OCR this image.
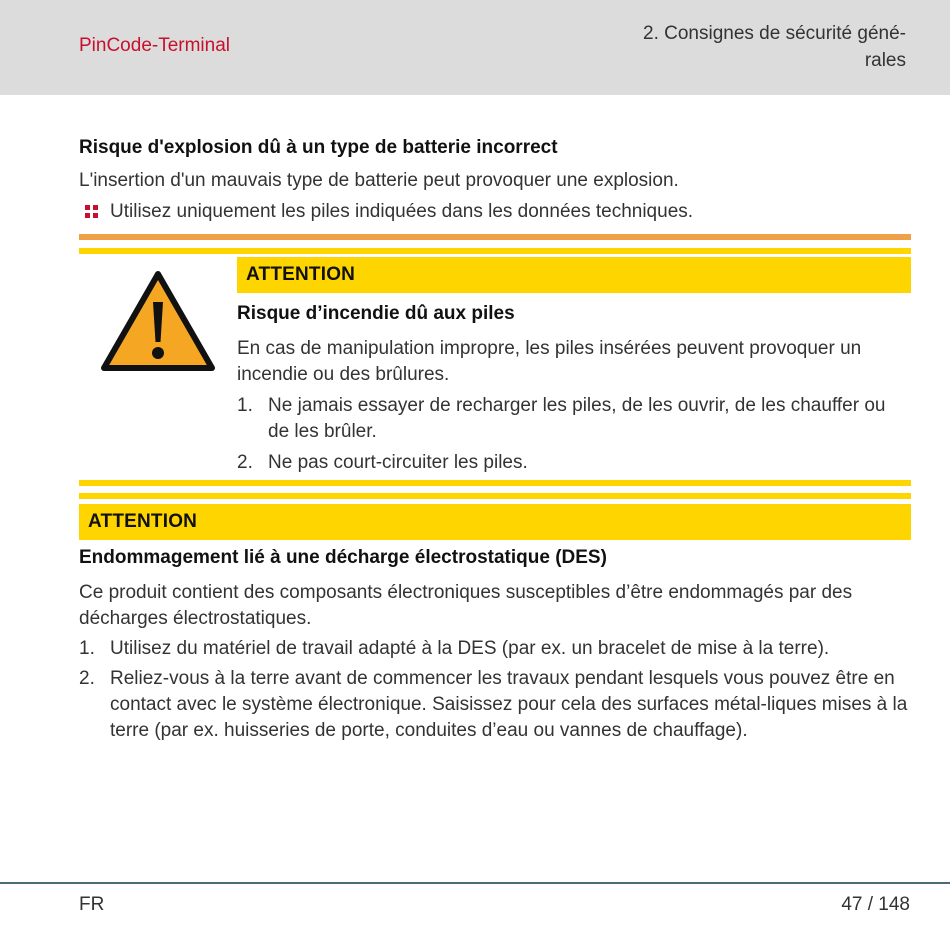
PinCode-Terminal
2. Consignes de sécurité géné-
rales
Risque d'explosion dû à un type de batterie incorrect
L'insertion d'un mauvais type de batterie peut provoquer une explosion.
Utilisez uniquement les piles indiquées dans les données techniques.
ATTENTION
Risque d’incendie dû aux piles
En cas de manipulation impropre, les piles insérées peuvent provoquer un incendie ou des brûlures.
1. Ne jamais essayer de recharger les piles, de les ouvrir, de les chauffer ou de les brûler.
2. Ne pas court-circuiter les piles.
ATTENTION
Endommagement lié à une décharge électrostatique (DES)
Ce produit contient des composants électroniques susceptibles d’être endommagés par des décharges électrostatiques.
1. Utilisez du matériel de travail adapté à la DES (par ex. un bracelet de mise à la terre).
2. Reliez-vous à la terre avant de commencer les travaux pendant lesquels vous pouvez être en contact avec le système électronique. Saisissez pour cela des surfaces métal-liques mises à la terre (par ex. huisseries de porte, conduites d’eau ou vannes de chauffage).
FR	47 / 148
